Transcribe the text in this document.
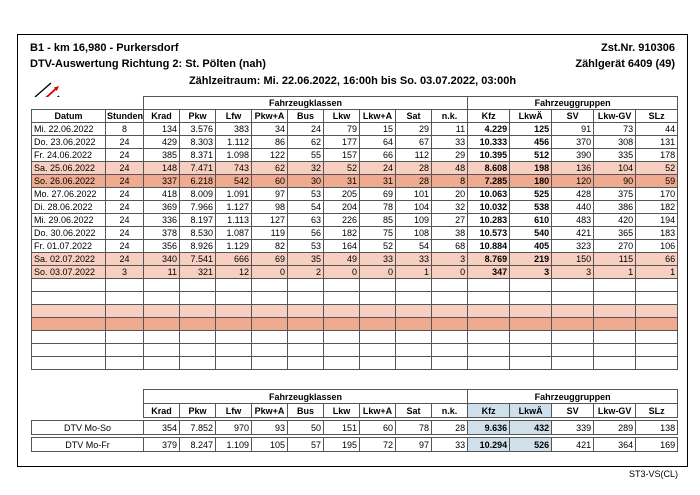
B1 - km 16,980 - Purkersdorf	Zst.Nr. 910306
DTV-Auswertung Richtung 2: St. Pölten (nah)	Zählgerät 6409 (49)
Zählzeitraum: Mi. 22.06.2022, 16:00h bis So. 03.07.2022, 03:00h
		Fahrzeugklassen									Fahrzeuggruppen				
Datum	Stunden	Krad	Pkw	Lfw	Pkw+A	Bus	Lkw	Lkw+A	Sat	n.k.	Kfz	LkwÄ	SV	Lkw-GV	SLz
Mi. 22.06.2022	8	134	3.576	383	34	24	79	15	29	11	4.229	125	91	73	44
Do. 23.06.2022	24	429	8.303	1.112	86	62	177	64	67	33	10.333	456	370	308	131
Fr. 24.06.2022	24	385	8.371	1.098	122	55	157	66	112	29	10.395	512	390	335	178
Sa. 25.06.2022	24	148	7.471	743	62	32	52	24	28	48	8.608	198	136	104	52
So. 26.06.2022	24	337	6.218	542	60	30	31	31	28	8	7.285	180	120	90	59
Mo. 27.06.2022	24	418	8.009	1.091	97	53	205	69	101	20	10.063	525	428	375	170
Di. 28.06.2022	24	369	7.966	1.127	98	54	204	78	104	32	10.032	538	440	386	182
Mi. 29.06.2022	24	336	8.197	1.113	127	63	226	85	109	27	10.283	610	483	420	194
Do. 30.06.2022	24	378	8.530	1.087	119	56	182	75	108	38	10.573	540	421	365	183
Fr. 01.07.2022	24	356	8.926	1.129	82	53	164	52	54	68	10.884	405	323	270	106
Sa. 02.07.2022	24	340	7.541	666	69	35	49	33	33	3	8.769	219	150	115	66
So. 03.07.2022	3	11	321	12	0	2	0	0	1	0	347	3	3	1	1

	Fahrzeugklassen									Fahrzeuggruppen				
	Krad	Pkw	Lfw	Pkw+A	Bus	Lkw	Lkw+A	Sat	n.k.	Kfz	LkwÄ	SV	Lkw-GV	SLz

DTV Mo-So	354	7.852	970	93	50	151	60	78	28	9.636	432	339	289	138

DTV Mo-Fr	379	8.247	1.109	105	57	195	72	97	33	10.294	526	421	364	169
ST3-VS(CL)
